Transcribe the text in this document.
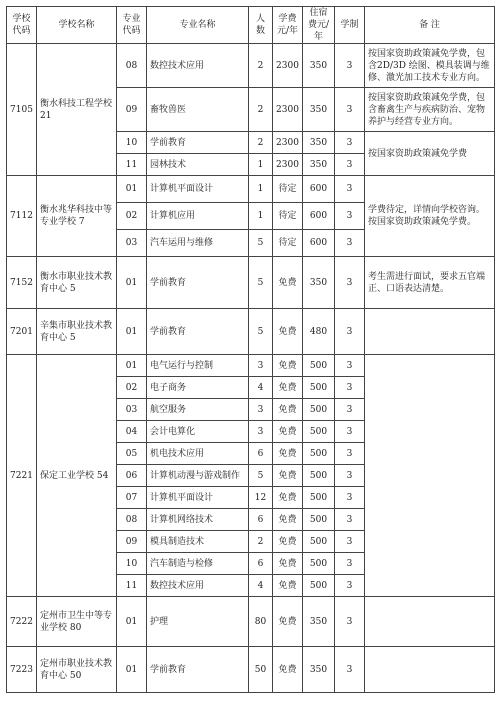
学校代码	学校名称	专业代码	专业名称	人数	学费元/年	住宿费元/年	学制	备 注
7105	衡水科技工程学校 21	08	数控技术应用	2	2300	350	3	按国家资助政策减免学费，包含2D/3D 绘图、模具装调与维修、激光加工技术专业方向。
		09	畜牧兽医	2	2300	350	3	按国家资助政策减免学费，包含畜禽生产与疾病防治、宠物养护与经营专业方向。
		10	学前教育	2	2300	350	3	按国家资助政策减免学费
		11	园林技术	1	2300	350	3	
7112	衡水兆华科技中等专业学校 7	01	计算机平面设计	1	待定	600	3	学费待定，详情向学校咨询。按国家资助政策减免学费。
		02	计算机应用	1	待定	600	3	
		03	汽车运用与维修	5	待定	600	3	
7152	衡水市职业技术教育中心 5	01	学前教育	5	免费	350	3	考生需进行面试，要求五官端正、口语表达清楚。
7201	辛集市职业技术教育中心 5	01	学前教育	5	免费	480	3	
7221	保定工业学校 54	01	电气运行与控制	3	免费	500	3	
		02	电子商务	4	免费	500	3	
		03	航空服务	3	免费	500	3	
		04	会计电算化	3	免费	500	3	
		05	机电技术应用	6	免费	500	3	
		06	计算机动漫与游戏制作	5	免费	500	3	
		07	计算机平面设计	12	免费	500	3	
		08	计算机网络技术	6	免费	500	3	
		09	模具制造技术	2	免费	500	3	
		10	汽车制造与检修	6	免费	500	3	
		11	数控技术应用	4	免费	500	3	
7222	定州市卫生中等专业学校 80	01	护理	80	免费	350	3	
7223	定州市职业技术教育中心 50	01	学前教育	50	免费	350	3	
